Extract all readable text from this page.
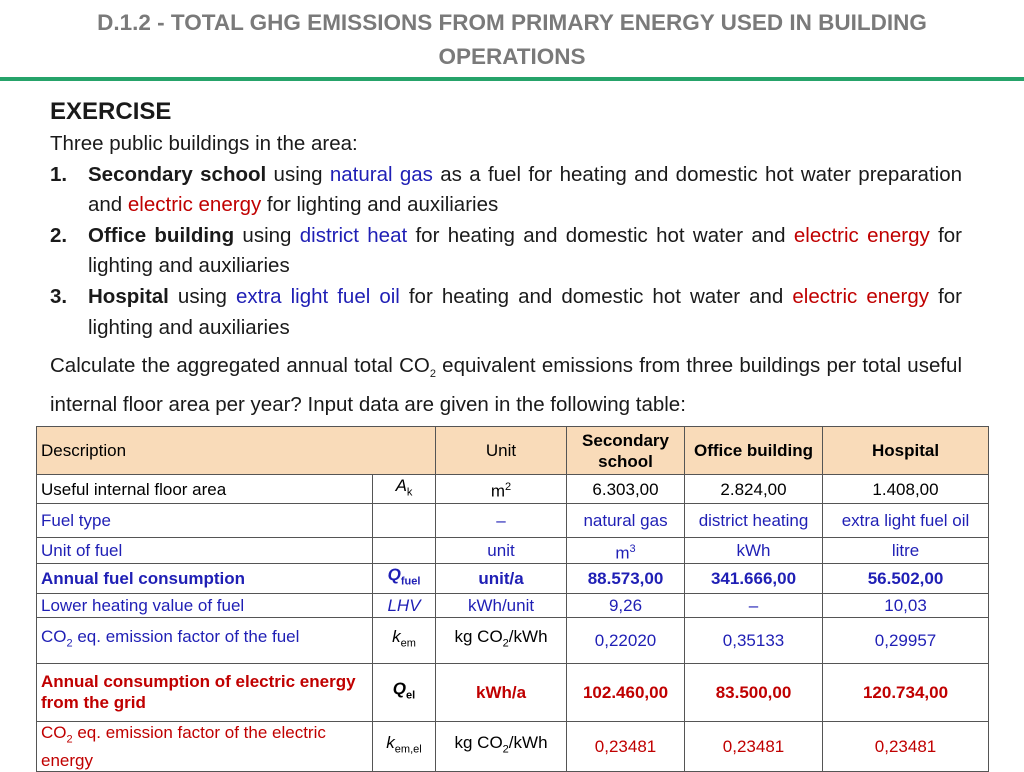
D.1.2 - TOTAL GHG EMISSIONS FROM PRIMARY ENERGY USED IN BUILDING
OPERATIONS
EXERCISE
Three public buildings in the area:
1.	Secondary school using natural gas as a fuel for heating and domestic hot water preparation and electric energy for lighting and auxiliaries
2.	Office building using district heat for heating and domestic hot water and electric energy for lighting and auxiliaries
3.	Hospital using extra light fuel oil for heating and domestic hot water and electric energy for lighting and auxiliaries
Calculate the aggregated annual total $CO_2$ equivalent emissions from three buildings per total useful internal floor area per year? Input data are given in the following table:
Description		Unit	Secondary school	Office building	Hospital
Useful internal floor area	$A_k$	$m^2$	6.303,00	2.824,00	1.408,00
Fuel type		–	natural gas	district heating	extra light fuel oil
Unit of fuel		unit	$m^3$	kWh	litre
Annual fuel consumption	$Q_{fuel}$	unit/a	88.573,00	341.666,00	56.502,00
Lower heating value of fuel	LHV	kWh/unit	9,26	–	10,03
$CO_2$ eq. emission factor of the fuel	$k_{em}$	kg $CO_2$/kWh	0,22020	0,35133	0,29957
Annual consumption of electric energy from the grid	$Q_{el}$	kWh/a	102.460,00	83.500,00	120.734,00
$CO_2$ eq. emission factor of the electric energy	$k_{em,el}$	kg $CO_2$/kWh	0,23481	0,23481	0,23481
